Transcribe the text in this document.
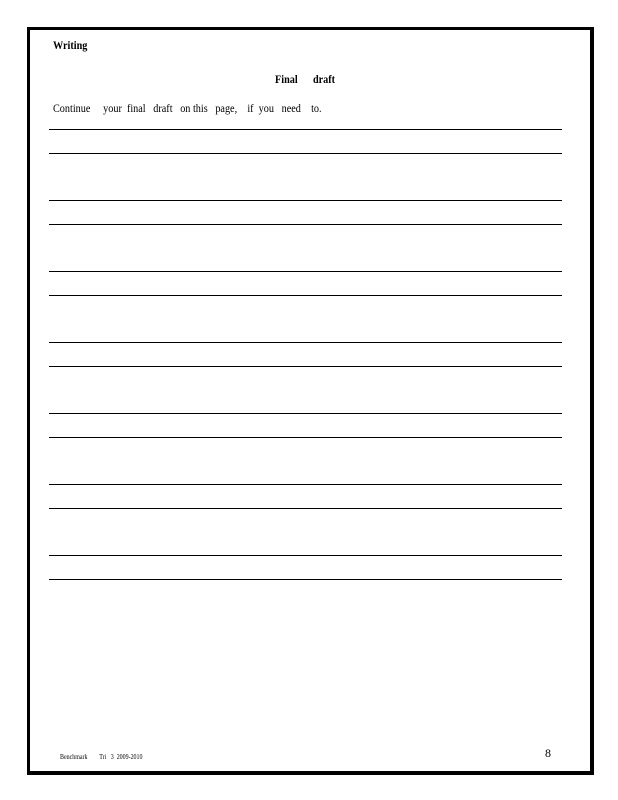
Writing
Final      draft
Continue     your  final   draft   on this   page,    if  you   need    to.
Benchmark        Tri   3  2009-2010	8
